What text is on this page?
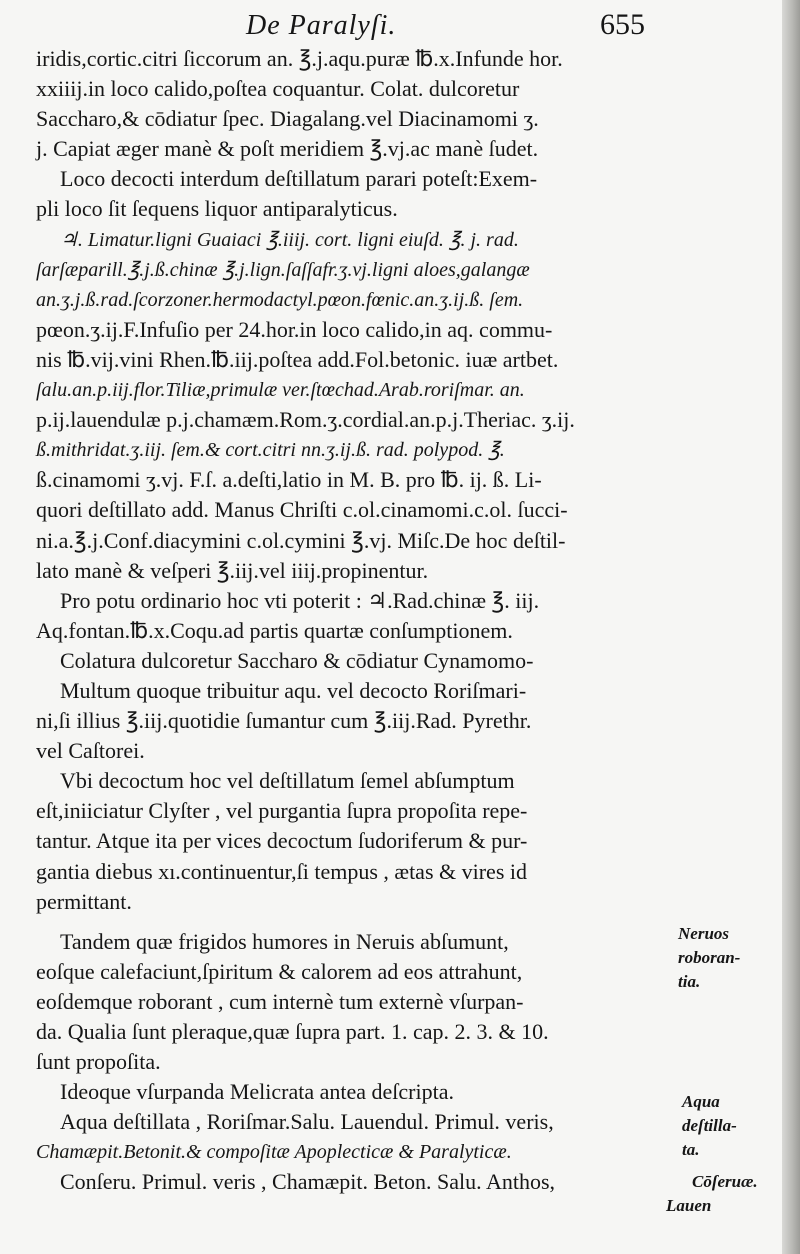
De Paralyſi.	655
iridis,cortic.citri ſiccorum an. ℥.j.aqu.puræ ℔.x.Infunde hor.
xxiiij.in loco calido,poſtea coquantur. Colat. dulcoretur
Saccharo,& cōdiatur ſpec. Diagalang.vel Diacinamomi ʒ.
j. Capiat æger manè & poſt meridiem ℥.vj.ac manè ſudet.
Loco decocti interdum deſtillatum parari poteſt:Exem-
pli loco ſit ſequens liquor antiparalyticus.
♃. Limatur.ligni Guaiaci ℥.iiij. cort. ligni eiuſd. ℥. j. rad.
ſarſæparill.℥.j.ß.chinæ ℥.j.lign.ſaſſafr.ʒ.vj.ligni aloes,galangæ
an.ʒ.j.ß.rad.ſcorzoner.hermodactyl.pœon.fœnic.an.ʒ.ij.ß. ſem.
pœon.ʒ.ij.F.Infuſio per 24.hor.in loco calido,in aq. commu-
nis ℔.vij.vini Rhen.℔.iij.poſtea add.Fol.betonic. iuæ artbet.
ſalu.an.p.iij.flor.Tiliæ,primulæ ver.ſtœchad.Arab.roriſmar. an.
p.ij.lauendulæ p.j.chamæm.Rom.ʒ.cordial.an.p.j.Theriac. ʒ.ij.
ß.mithridat.ʒ.iij. ſem.& cort.citri nn.ʒ.ij.ß. rad. polypod. ℥.
ß.cinamomi ʒ.vj. F.ſ. a.deſti,latio in M. B. pro ℔. ij. ß. Li-
quori deſtillato add. Manus Chriſti c.ol.cinamomi.c.ol. ſucci-
ni.a.℥.j.Conf.diacymini c.ol.cymini ℥.vj. Miſc.De hoc deſtil-
lato manè & veſperi ℥.iij.vel iiij.propinentur.
Pro potu ordinario hoc vti poterit : ♃.Rad.chinæ ℥. iij.
Aq.fontan.℔.x.Coqu.ad partis quartæ conſumptionem.
Colatura dulcoretur Saccharo & cōdiatur Cynamomo-
Multum quoque tribuitur aqu. vel decocto Roriſmari-
ni,ſi illius ℥.iij.quotidie ſumantur cum ℥.iij.Rad. Pyrethr.
vel Caſtorei.
Vbi decoctum hoc vel deſtillatum ſemel abſumptum
eſt,iniiciatur Clyſter , vel purgantia ſupra propoſita repe-
tantur. Atque ita per vices decoctum ſudoriferum & pur-
gantia diebus xı.continuentur,ſi tempus , ætas & vires id
permittant.
Tandem quæ frigidos humores in Neruis abſumunt,
eoſque calefaciunt,ſpiritum & calorem ad eos attrahunt,
eoſdemque roborant , cum internè tum externè vſurpan-
da. Qualia ſunt pleraque,quæ ſupra part. 1. cap. 2. 3. & 10.
ſunt propoſita.
Ideoque vſurpanda Melicrata antea deſcripta.
Aqua deſtillata , Roriſmar.Salu. Lauendul. Primul. veris,
Chamæpit.Betonit.& compoſitæ Apoplecticæ & Paralyticæ.
Conſeru. Primul. veris , Chamæpit. Beton. Salu. Anthos,
Neruos
roboran-
tia.
Aqua
deſtilla-
ta.
Cōſeruæ.
Lauen
